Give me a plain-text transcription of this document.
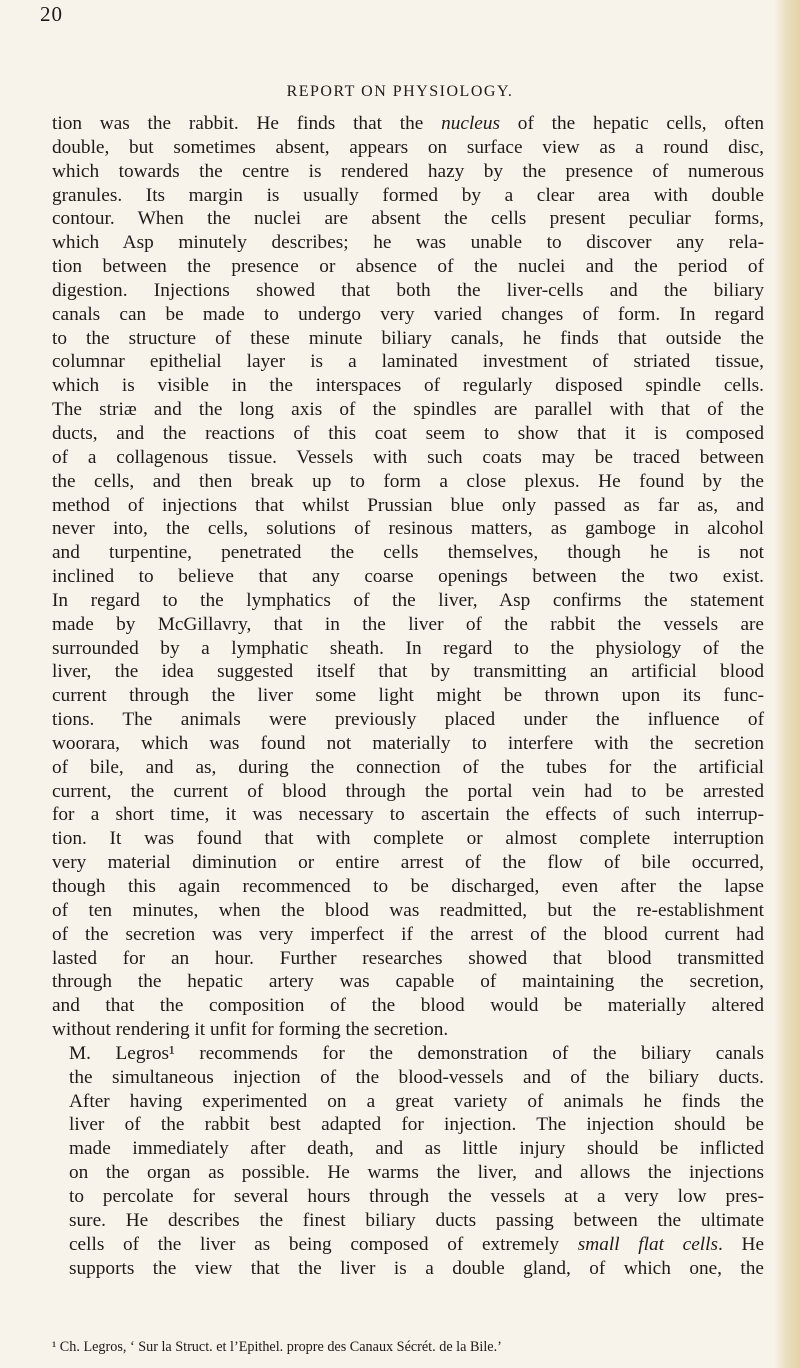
20
REPORT ON PHYSIOLOGY.

tion was the rabbit. He finds that the nucleus of the hepatic cells, often
double, but sometimes absent, appears on surface view as a round disc,
which towards the centre is rendered hazy by the presence of numerous
granules. Its margin is usually formed by a clear area with double
contour. When the nuclei are absent the cells present peculiar forms,
which Asp minutely describes; he was unable to discover any rela-
tion between the presence or absence of the nuclei and the period of
digestion. Injections showed that both the liver-cells and the biliary
canals can be made to undergo very varied changes of form. In regard
to the structure of these minute biliary canals, he finds that outside the
columnar epithelial layer is a laminated investment of striated tissue,
which is visible in the interspaces of regularly disposed spindle cells.
The striæ and the long axis of the spindles are parallel with that of the
ducts, and the reactions of this coat seem to show that it is composed
of a collagenous tissue. Vessels with such coats may be traced between
the cells, and then break up to form a close plexus. He found by the
method of injections that whilst Prussian blue only passed as far as, and
never into, the cells, solutions of resinous matters, as gamboge in alcohol
and turpentine, penetrated the cells themselves, though he is not
inclined to believe that any coarse openings between the two exist.
In regard to the lymphatics of the liver, Asp confirms the statement
made by McGillavry, that in the liver of the rabbit the vessels are
surrounded by a lymphatic sheath. In regard to the physiology of the
liver, the idea suggested itself that by transmitting an artificial blood
current through the liver some light might be thrown upon its func-
tions. The animals were previously placed under the influence of
woorara, which was found not materially to interfere with the secretion
of bile, and as, during the connection of the tubes for the artificial
current, the current of blood through the portal vein had to be arrested
for a short time, it was necessary to ascertain the effects of such interrup-
tion. It was found that with complete or almost complete interruption
very material diminution or entire arrest of the flow of bile occurred,
though this again recommenced to be discharged, even after the lapse
of ten minutes, when the blood was readmitted, but the re-establishment
of the secretion was very imperfect if the arrest of the blood current had
lasted for an hour. Further researches showed that blood transmitted
through the hepatic artery was capable of maintaining the secretion,
and that the composition of the blood would be materially altered
without rendering it unfit for forming the secretion.

M. Legros¹ recommends for the demonstration of the biliary canals
the simultaneous injection of the blood-vessels and of the biliary ducts.
After having experimented on a great variety of animals he finds the
liver of the rabbit best adapted for injection. The injection should be
made immediately after death, and as little injury should be inflicted
on the organ as possible. He warms the liver, and allows the injections
to percolate for several hours through the vessels at a very low pres-
sure. He describes the finest biliary ducts passing between the ultimate
cells of the liver as being composed of extremely small flat cells. He
supports the view that the liver is a double gland, of which one, the

¹ Ch. Legros, ‘ Sur la Struct. et l’Epithel. propre des Canaux Sécrét. de la Bile.’
